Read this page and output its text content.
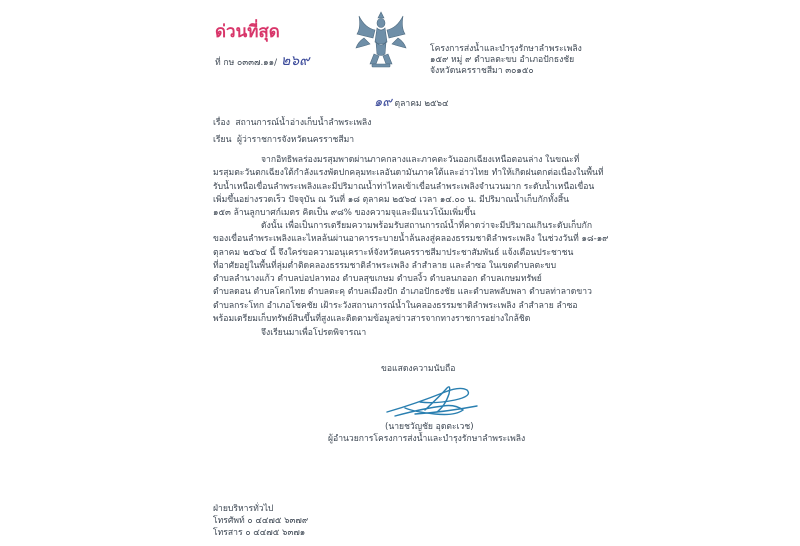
ด่วนที่สุด
ที่ กษ ๐๓๓๗.๑๑/ ๒๖๙
โครงการส่งน้ำและบำรุงรักษาลำพระเพลิง
๑๕๙ หมู่ ๙ ตำบลตะขบ อำเภอปักธงชัย
จังหวัดนครราชสีมา ๓๐๑๕๐
๑๙ ตุลาคม ๒๕๖๔
เรื่อง สถานการณ์น้ำอ่างเก็บน้ำลำพระเพลิง
เรียน ผู้ว่าราชการจังหวัดนครราชสีมา
จากอิทธิพลร่องมรสุมพาดผ่านภาคกลางและภาคตะวันออกเฉียงเหนือตอนล่าง ในขณะที่
มรสุมตะวันตกเฉียงใต้กำลังแรงพัดปกคลุมทะเลอันดามันภาคใต้และอ่าวไทย ทำให้เกิดฝนตกต่อเนื่องในพื้นที่
รับน้ำเหนือเขื่อนลำพระเพลิงและมีปริมาณน้ำท่าไหลเข้าเขื่อนลำพระเพลิงจำนวนมาก ระดับน้ำเหนือเขื่อน
เพิ่มขึ้นอย่างรวดเร็ว ปัจจุบัน ณ วันที่ ๑๘ ตุลาคม ๒๕๖๔ เวลา ๑๔.๐๐ น. มีปริมาณน้ำเก็บกักทั้งสิ้น
๑๕๓ ล้านลูกบาศก์เมตร คิดเป็น ๙๘% ของความจุและมีแนวโน้มเพิ่มขึ้น
ดังนั้น เพื่อเป็นการเตรียมความพร้อมรับสถานการณ์น้ำที่คาดว่าจะมีปริมาณเกินระดับเก็บกัก
ของเขื่อนลำพระเพลิงและไหลล้นผ่านอาคารระบายน้ำล้นลงสู่คลองธรรมชาติลำพระเพลิง ในช่วงวันที่ ๑๘-๑๙
ตุลาคม ๒๕๖๔ นี้ จึงใคร่ขอความอนุเคราะห์จังหวัดนครราชสีมาประชาสัมพันธ์ แจ้งเตือนประชาชน
ที่อาศัยอยู่ในพื้นที่ลุ่มต่ำติดคลองธรรมชาติลำพระเพลิง ลำสำลาย และลำซอ ในเขตตำบลตะขบ
ตำบลลำนางแก้ว ตำบลบ่อปลาทอง ตำบลสุขเกษม ตำบลงิ้ว ตำบลนกออก ตำบลเกษมทรัพย์
ตำบลดอน ตำบลโคกไทย ตำบลตะคุ ตำบลเมืองปัก อำเภอปักธงชัย และตำบลพลับพลา ตำบลท่าลาดขาว
ตำบลกระโทก อำเภอโชคชัย เฝ้าระวังสถานการณ์น้ำในคลองธรรมชาติลำพระเพลิง ลำสำลาย ลำซอ
พร้อมเตรียมเก็บทรัพย์สินขึ้นที่สูงและติดตามข้อมูลข่าวสารจากทางราชการอย่างใกล้ชิด
จึงเรียนมาเพื่อโปรดพิจารณา
ขอแสดงความนับถือ
(นายชวัญชัย อุดตะเวช)
ผู้อำนวยการโครงการส่งน้ำและบำรุงรักษาลำพระเพลิง
ฝ่ายบริหารทั่วไป
โทรศัพท์ ๐ ๔๔๗๕ ๖๓๗๙
โทรสาร ๐ ๔๔๗๕ ๖๓๗๑
